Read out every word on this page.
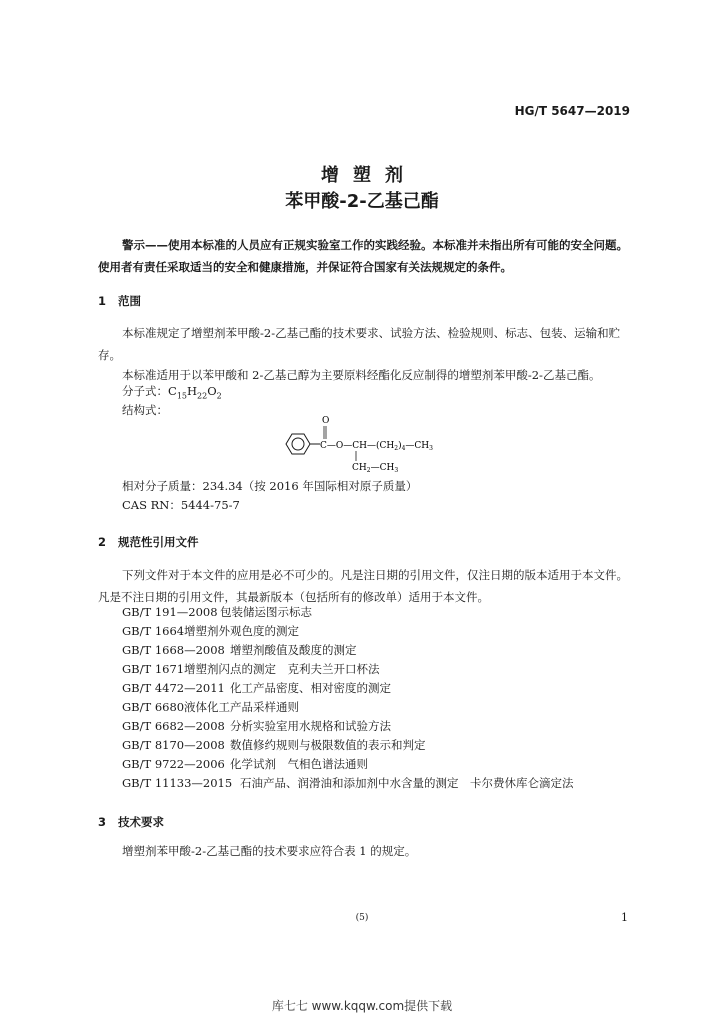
HG/T 5647—2019
增塑剂
苯甲酸-2-乙基己酯
警示——使用本标准的人员应有正规实验室工作的实践经验。本标准并未指出所有可能的安全问题。使用者有责任采取适当的安全和健康措施，并保证符合国家有关法规规定的条件。
1 范围
本标准规定了增塑剂苯甲酸-2-乙基己酯的技术要求、试验方法、检验规则、标志、包装、运输和贮存。
本标准适用于以苯甲酸和 2-乙基己醇为主要原料经酯化反应制得的增塑剂苯甲酸-2-乙基己酯。
分子式：$C_{15}H_{22}O_2$
结构式：
O
$C—O—CH—(CH_2)_4—CH_3$
$CH_2—CH_3$
相对分子质量：234.34（按 2016 年国际相对原子质量）
CAS RN：5444-75-7
2 规范性引用文件
下列文件对于本文件的应用是必不可少的。凡是注日期的引用文件，仅注日期的版本适用于本文件。凡是不注日期的引用文件，其最新版本（包括所有的修改单）适用于本文件。
GB/T 191—2008 包装储运图示标志
GB/T 1664增塑剂外观色度的测定
GB/T 1668—2008 增塑剂酸值及酸度的测定
GB/T 1671增塑剂闪点的测定　克利夫兰开口杯法
GB/T 4472—2011 化工产品密度、相对密度的测定
GB/T 6680液体化工产品采样通则
GB/T 6682—2008 分析实验室用水规格和试验方法
GB/T 8170—2008 数值修约规则与极限数值的表示和判定
GB/T 9722—2006 化学试剂　气相色谱法通则
GB/T 11133—2015 石油产品、润滑油和添加剂中水含量的测定　卡尔费休库仑滴定法
3 技术要求
增塑剂苯甲酸-2-乙基己酯的技术要求应符合表 1 的规定。
(5)	1
库七七 www.kqqw.com提供下载
